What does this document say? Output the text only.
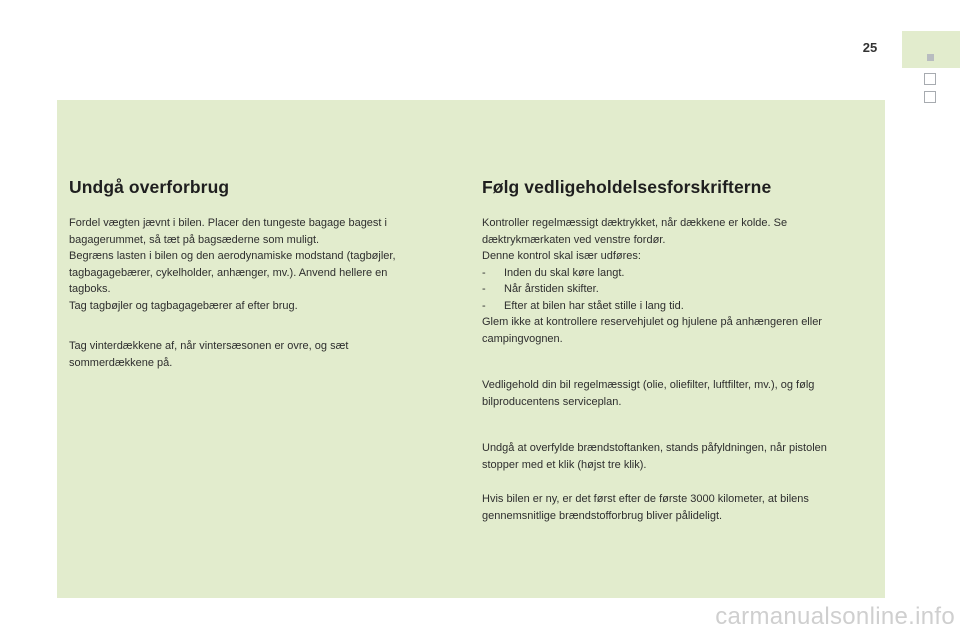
25
Undgå overforbrug

Fordel vægten jævnt i bilen. Placer den tungeste bagage bagest i
bagagerummet, så tæt på bagsæderne som muligt.
Begræns lasten i bilen og den aerodynamiske modstand (tagbøjler,
tagbagagebærer, cykelholder, anhænger, mv.). Anvend hellere en
tagboks.
Tag tagbøjler og tagbagagebærer af efter brug.

Tag vinterdækkene af, når vintersæsonen er ovre, og sæt
sommerdækkene på.

Følg vedligeholdelsesforskrifterne

Kontroller regelmæssigt dæktrykket, når dækkene er kolde. Se
dæktrykmærkaten ved venstre fordør.
Denne kontrol skal især udføres:

- Inden du skal køre langt.
- Når årstiden skifter.
- Efter at bilen har stået stille i lang tid.

Glem ikke at kontrollere reservehjulet og hjulene på anhængeren eller
campingvognen.

Vedligehold din bil regelmæssigt (olie, oliefilter, luftfilter, mv.), og følg
bilproducentens serviceplan.

Undgå at overfylde brændstoftanken, stands påfyldningen, når pistolen
stopper med et klik (højst tre klik).

Hvis bilen er ny, er det først efter de første 3000 kilometer, at bilens
gennemsnitlige brændstofforbrug bliver pålideligt.

carmanualsonline.info
